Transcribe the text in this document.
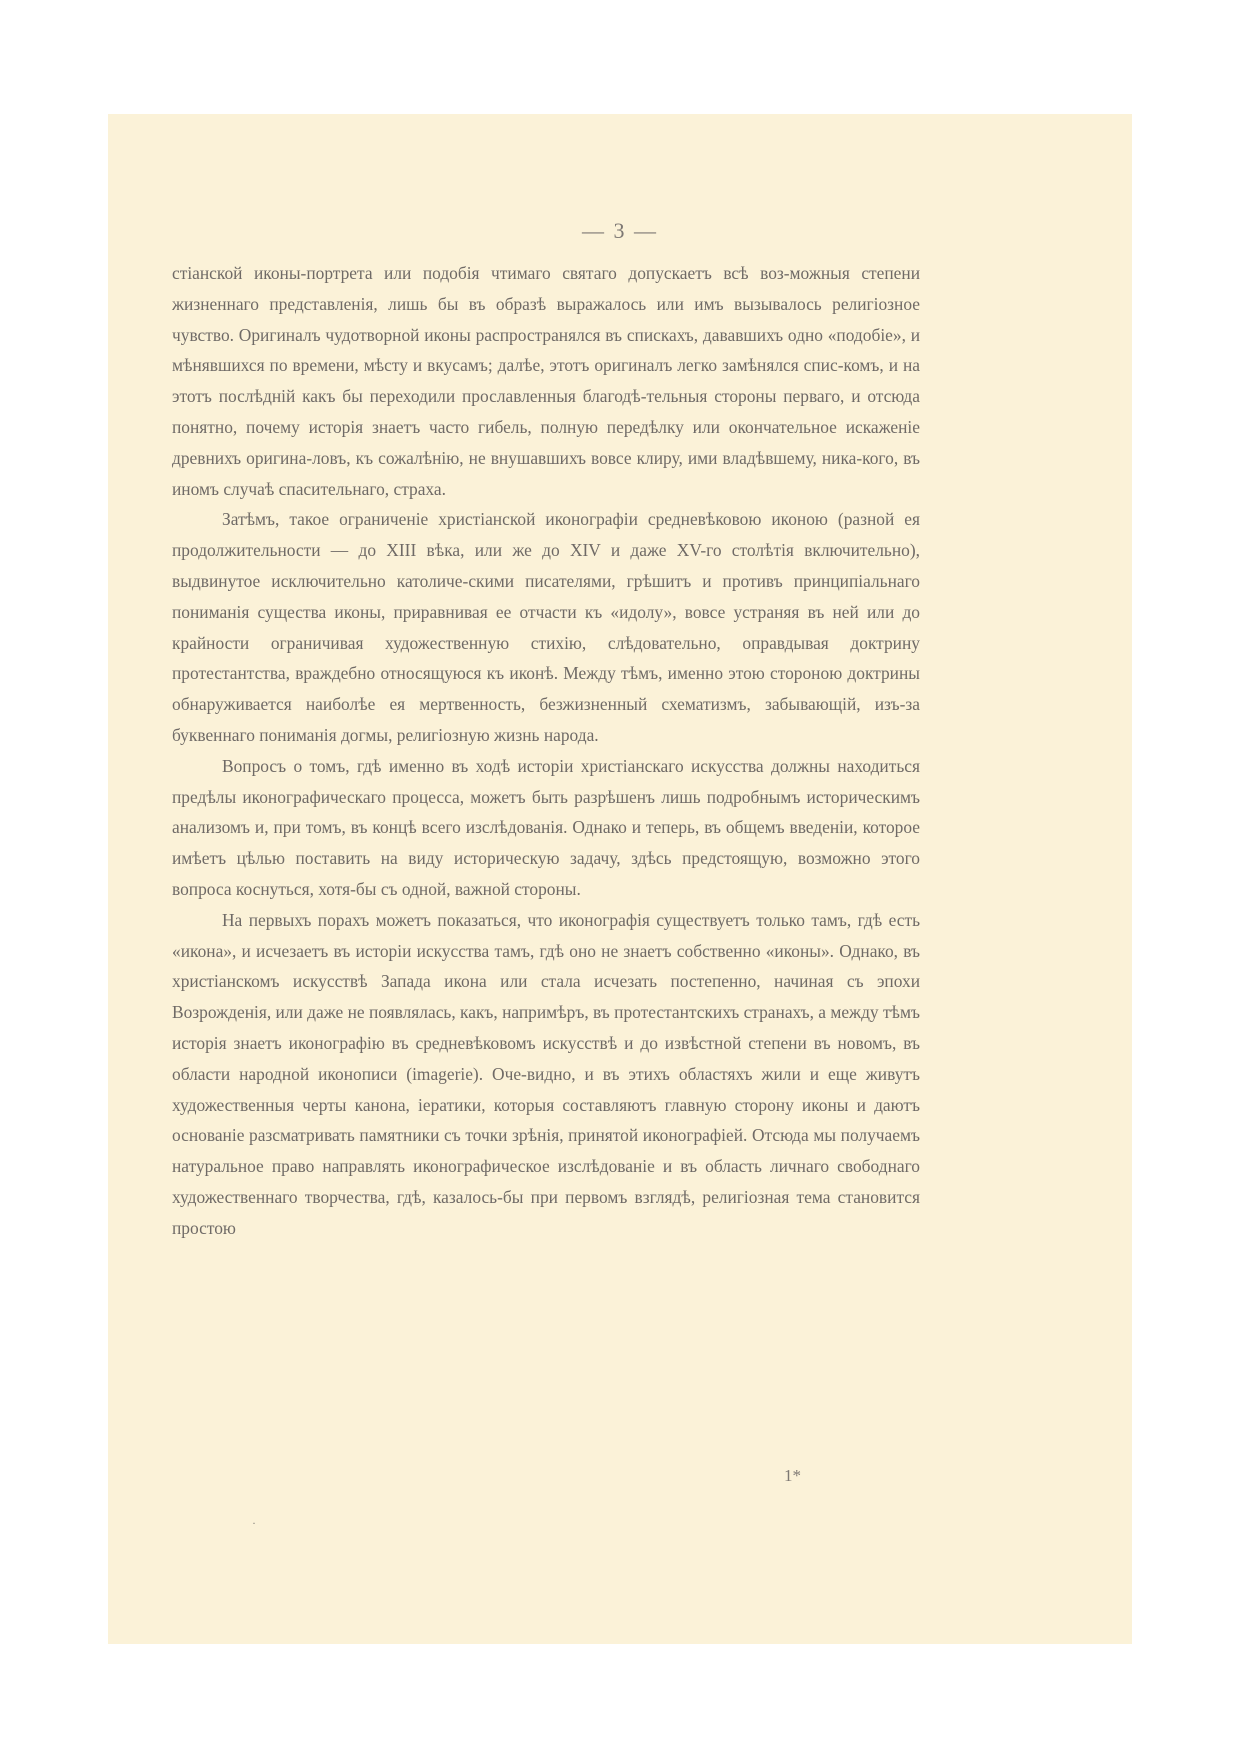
— 3 —

стіанской иконы-портрета или подобія чтимаго святаго допускаетъ всѣ воз-можныя степени жизненнаго представленія, лишь бы въ образѣ выражалось или имъ вызывалось религіозное чувство. Оригиналъ чудотворной иконы распространялся въ спискахъ, дававшихъ одно «подобіе», и мѣнявшихся по времени, мѣсту и вкусамъ; далѣе, этотъ оригиналъ легко замѣнялся спис-комъ, и на этотъ послѣдній какъ бы переходили прославленныя благодѣ-тельныя стороны перваго, и отсюда понятно, почему исторія знаетъ часто гибель, полную передѣлку или окончательное искаженіе древнихъ оригина-ловъ, къ сожалѣнію, не внушавшихъ вовсе клиру, ими владѣвшему, ника-кого, въ иномъ случаѣ спасительнаго, страха.

Затѣмъ, такое ограниченіе христіанской иконографіи средневѣковою иконою (разной ея продолжительности — до XIII вѣка, или же до XIV и даже XV-го столѣтія включительно), выдвинутое исключительно католиче-скими писателями, грѣшитъ и противъ принципіальнаго пониманія существа иконы, приравнивая ее отчасти къ «идолу», вовсе устраняя въ ней или до крайности ограничивая художественную стихію, слѣдовательно, оправдывая доктрину протестантства, враждебно относящуюся къ иконѣ. Между тѣмъ, именно этою стороною доктрины обнаруживается наиболѣе ея мертвенность, безжизненный схематизмъ, забывающій, изъ-за буквеннаго пониманія догмы, религіозную жизнь народа.

Вопросъ о томъ, гдѣ именно въ ходѣ исторіи христіанскаго искусства должны находиться предѣлы иконографическаго процесса, можетъ быть разрѣшенъ лишь подробнымъ историческимъ анализомъ и, при томъ, въ концѣ всего изслѣдованія. Однако и теперь, въ общемъ введеніи, которое имѣетъ цѣлью поставить на виду историческую задачу, здѣсь предстоящую, возможно этого вопроса коснуться, хотя-бы съ одной, важной стороны.

На первыхъ порахъ можетъ показаться, что иконографія существуетъ только тамъ, гдѣ есть «икона», и исчезаетъ въ исторіи искусства тамъ, гдѣ оно не знаетъ собственно «иконы». Однако, въ христіанскомъ искусствѣ Запада икона или стала исчезать постепенно, начиная съ эпохи Возрожденія, или даже не появлялась, какъ, напримѣръ, въ протестантскихъ странахъ, а между тѣмъ исторія знаетъ иконографію въ средневѣковомъ искусствѣ и до извѣстной степени въ новомъ, въ области народной иконописи (imagerie). Оче-видно, и въ этихъ областяхъ жили и еще живутъ художественныя черты канона, іератики, которыя составляютъ главную сторону иконы и даютъ основаніе разсматривать памятники съ точки зрѣнія, принятой иконографіей. Отсюда мы получаемъ натуральное право направлять иконографическое изслѣдованіе и въ область личнаго свободнаго художественнаго творчества, гдѣ, казалось-бы при первомъ взглядѣ, религіозная тема становится простою

1*
·
